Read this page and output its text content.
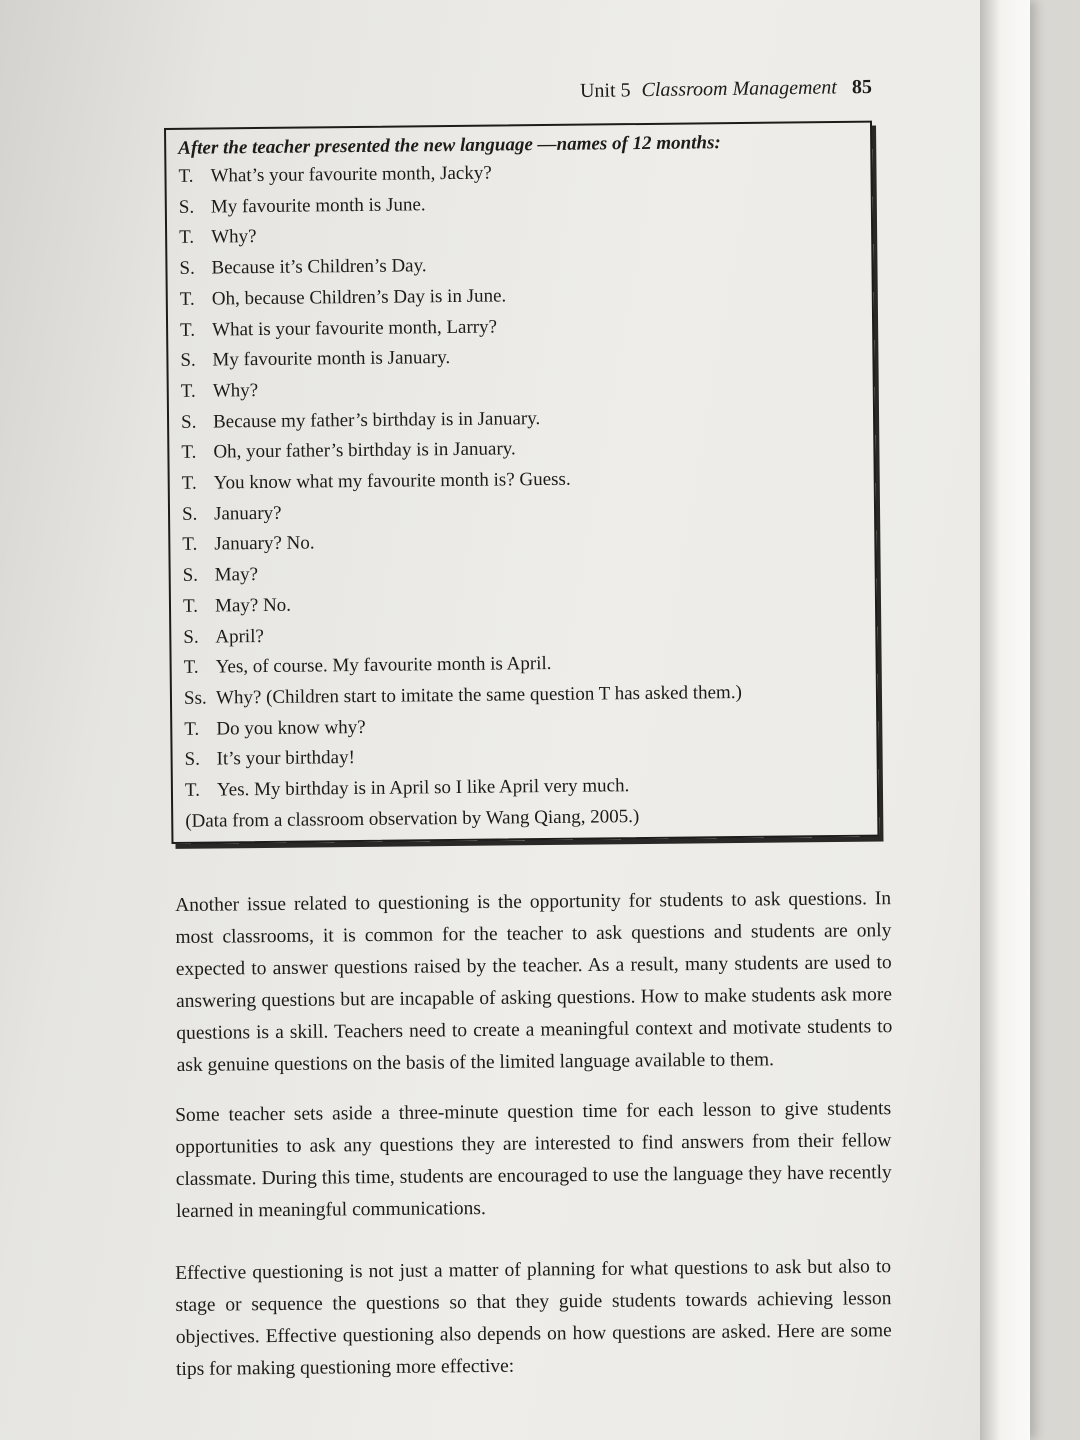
Unit 5 Classroom Management 85
After the teacher presented the new language —names of 12 months:
T. What’s your favourite month, Jacky?
S. My favourite month is June.
T. Why?
S. Because it’s Children’s Day.
T. Oh, because Children’s Day is in June.
T. What is your favourite month, Larry?
S. My favourite month is January.
T. Why?
S. Because my father’s birthday is in January.
T. Oh, your father’s birthday is in January.
T. You know what my favourite month is? Guess.
S. January?
T. January? No.
S. May?
T. May? No.
S. April?
T. Yes, of course. My favourite month is April.
Ss. Why? (Children start to imitate the same question T has asked them.)
T. Do you know why?
S. It’s your birthday!
T. Yes. My birthday is in April so I like April very much.
(Data from a classroom observation by Wang Qiang, 2005.)

Another issue related to questioning is the opportunity for students to ask questions. In most classrooms, it is common for the teacher to ask questions and students are only expected to answer questions raised by the teacher. As a result, many students are used to answering questions but are incapable of asking questions. How to make students ask more questions is a skill. Teachers need to create a meaningful context and motivate students to ask genuine questions on the basis of the limited language available to them.

Some teacher sets aside a three-minute question time for each lesson to give students opportunities to ask any questions they are interested to find answers from their fellow classmate. During this time, students are encouraged to use the language they have recently learned in meaningful communications.

Effective questioning is not just a matter of planning for what questions to ask but also to stage or sequence the questions so that they guide students towards achieving lesson objectives. Effective questioning also depends on how questions are asked. Here are some tips for making questioning more effective:
